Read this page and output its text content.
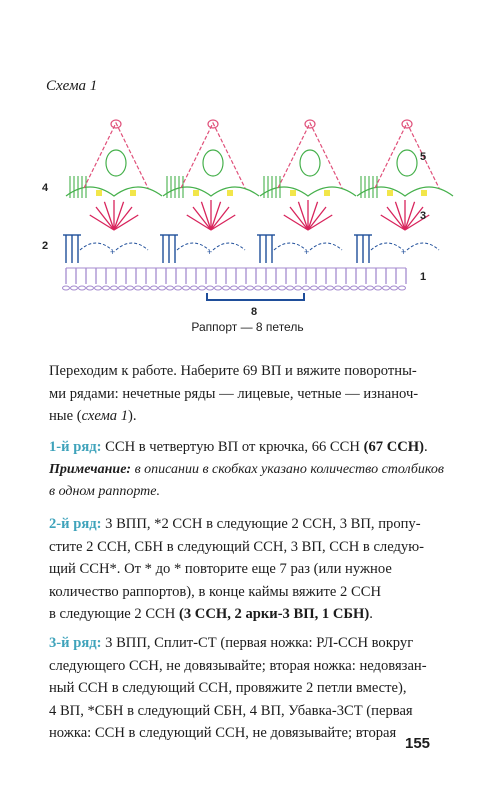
Схема 1
+	+	+	+
5
4
3
2
1
8
Раппорт — 8 петель
Переходим к работе. Наберите 69 ВП и вяжите поворотны-
ми рядами: нечетные ряды — лицевые, четные — изнаноч-
ные (схема 1).
1-й ряд: ССН в четвертую ВП от крючка, 66 ССН (67 ССН).
Примечание: в описании в скобках указано количество столбиков
в одном раппорте.
2-й ряд: 3 ВПП, *2 ССН в следующие 2 ССН, 3 ВП, пропу-
стите 2 ССН, СБН в следующий ССН, 3 ВП, ССН в следую-
щий ССН*. От * до * повторите еще 7 раз (или нужное
количество раппортов), в конце каймы вяжите 2 ССН
в следующие 2 ССН (3 ССН, 2 арки-3 ВП, 1 СБН).
3-й ряд: 3 ВПП, Сплит-СТ (первая ножка: РЛ-ССН вокруг
следующего ССН, не довязывайте; вторая ножка: недовязан-
ный ССН в следующий ССН, провяжите 2 петли вместе),
4 ВП, *СБН в следующий СБН, 4 ВП, Убавка-3СТ (первая
ножка: ССН в следующий ССН, не довязывайте; вторая
155
